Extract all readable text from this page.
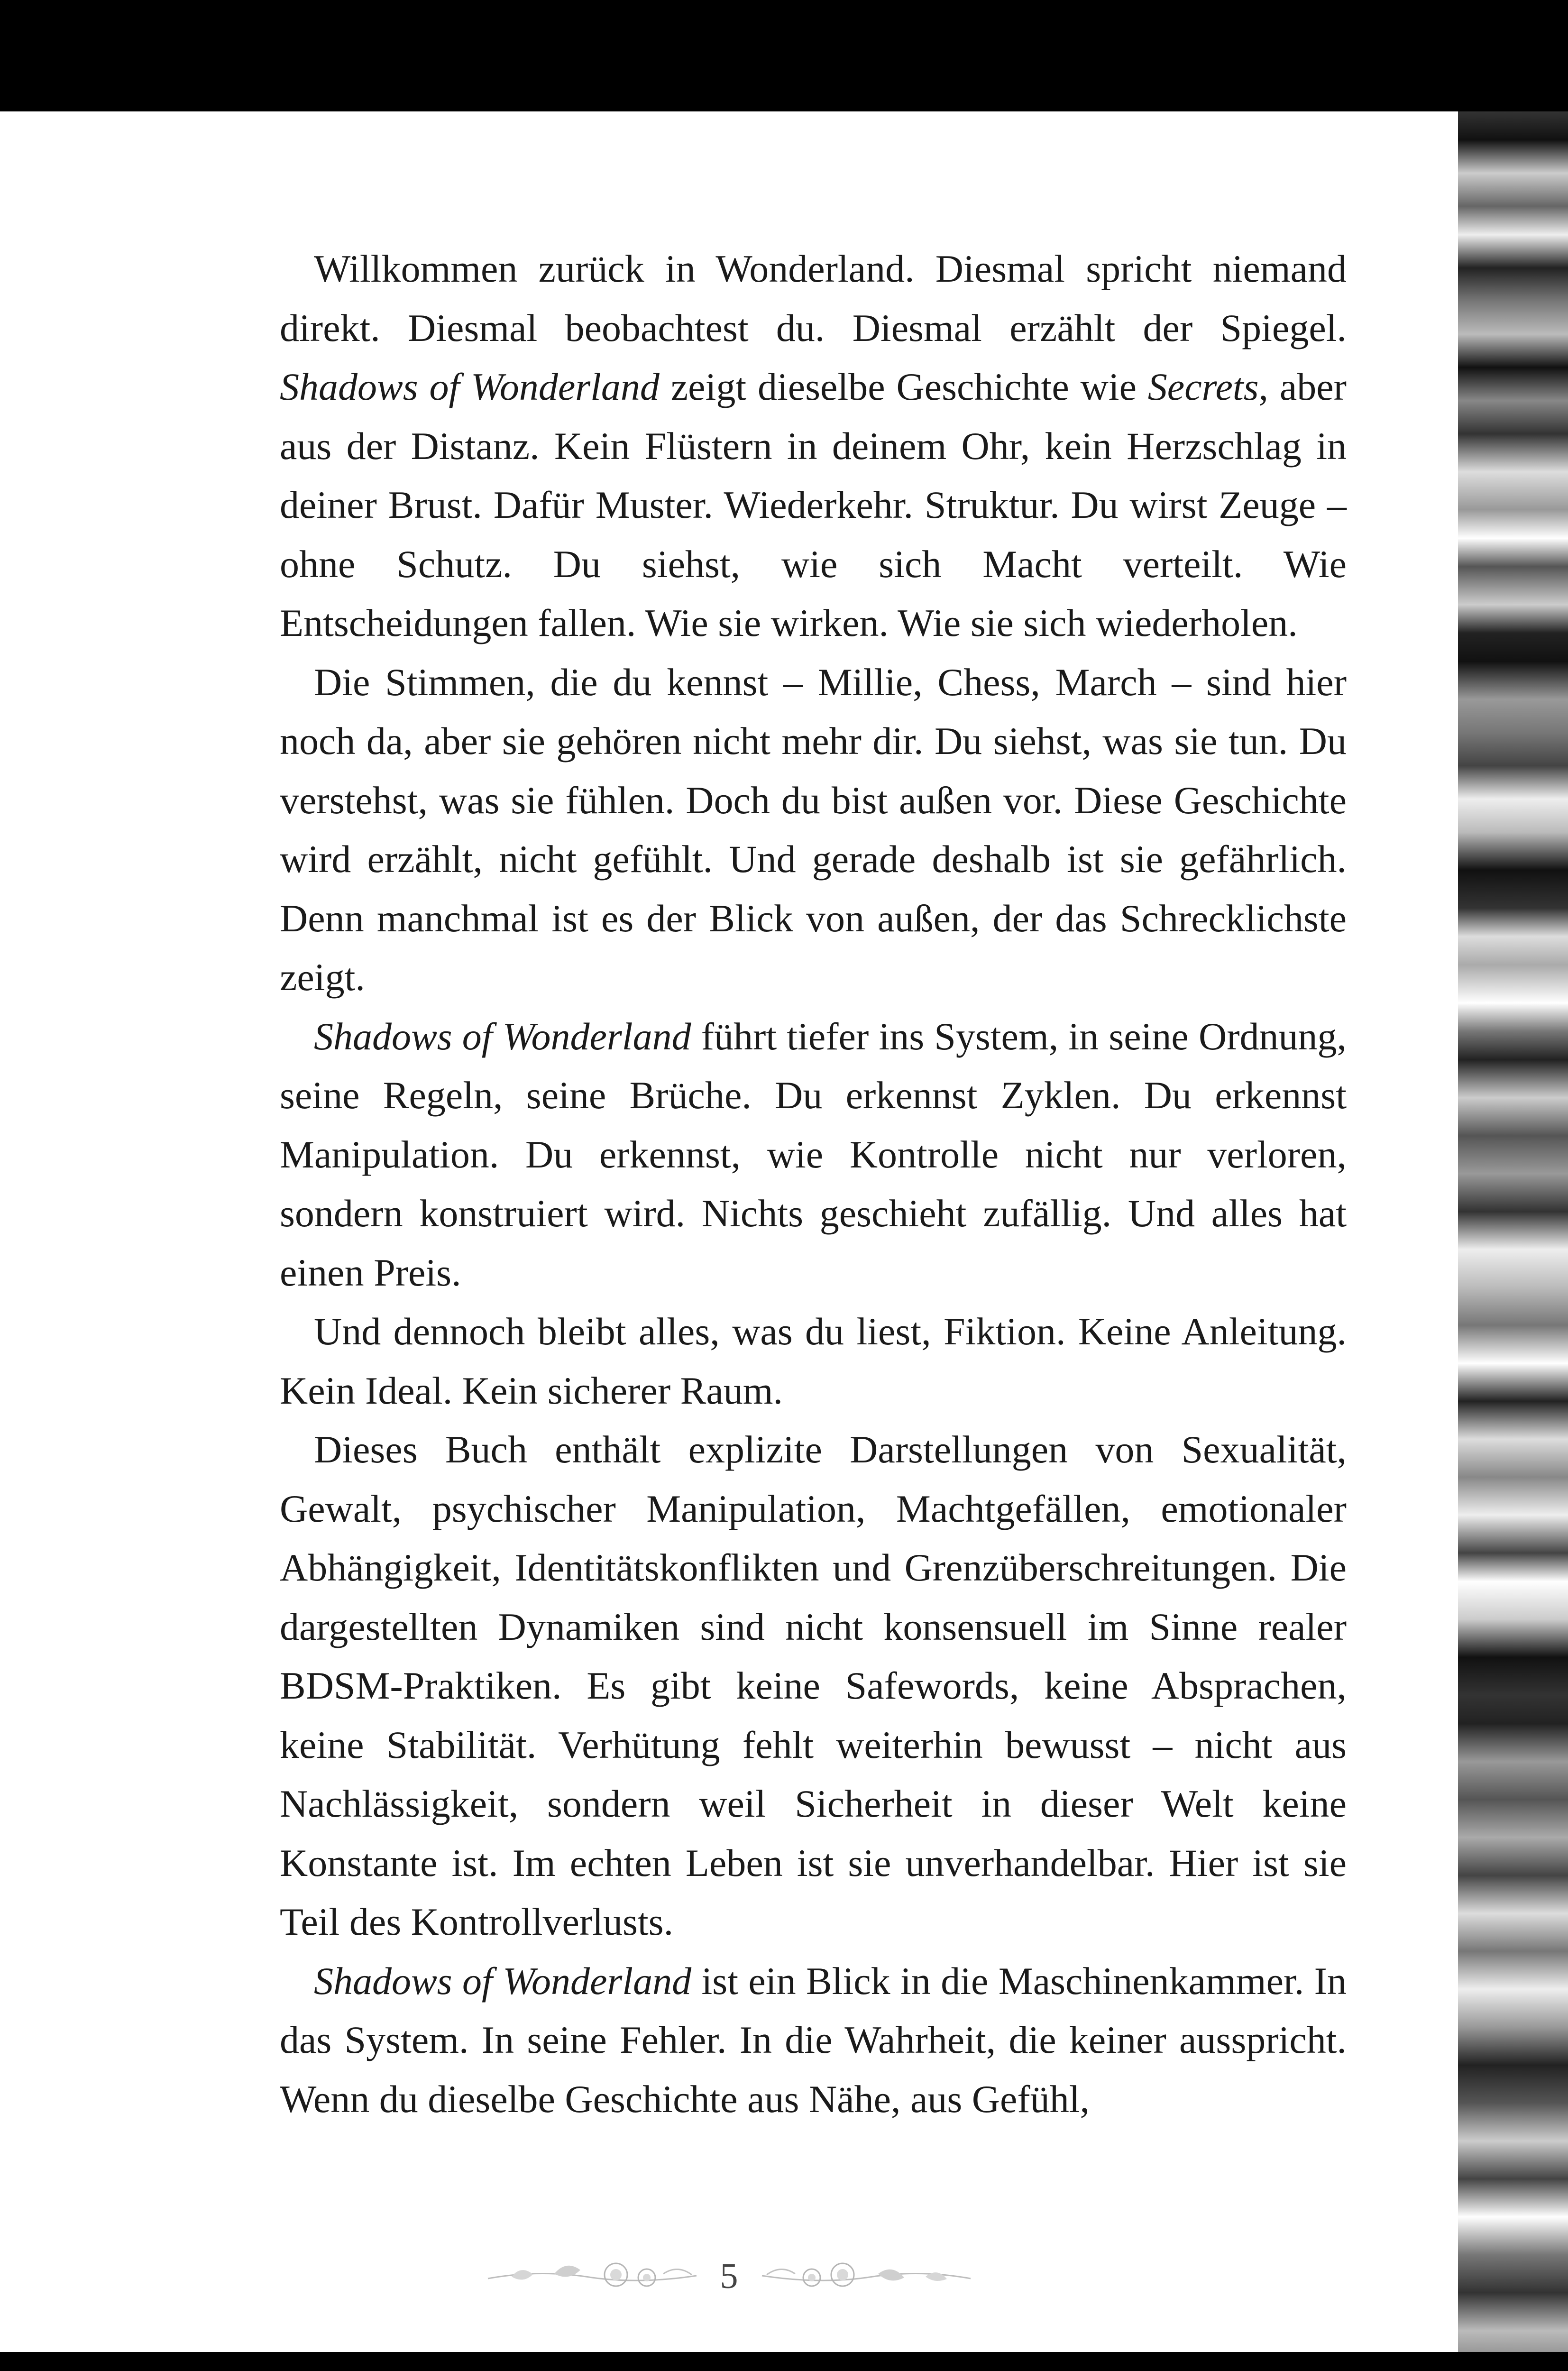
Willkommen zurück in Wonderland. Diesmal spricht niemand direkt. Diesmal beobachtest du. Diesmal erzählt der Spiegel. Shadows of Wonderland zeigt dieselbe Geschichte wie Secrets, aber aus der Distanz. Kein Flüstern in deinem Ohr, kein Herzschlag in deiner Brust. Dafür Muster. Wiederkehr. Struktur. Du wirst Zeuge – ohne Schutz. Du siehst, wie sich Macht verteilt. Wie Entscheidungen fallen. Wie sie wirken. Wie sie sich wiederholen.

Die Stimmen, die du kennst – Millie, Chess, March – sind hier noch da, aber sie gehören nicht mehr dir. Du siehst, was sie tun. Du verstehst, was sie fühlen. Doch du bist außen vor. Diese Geschichte wird erzählt, nicht gefühlt. Und gerade deshalb ist sie gefährlich. Denn manchmal ist es der Blick von außen, der das Schrecklichste zeigt.

Shadows of Wonderland führt tiefer ins System, in seine Ordnung, seine Regeln, seine Brüche. Du erkennst Zyklen. Du erkennst Manipulation. Du erkennst, wie Kontrolle nicht nur verloren, sondern konstruiert wird. Nichts geschieht zufällig. Und alles hat einen Preis.

Und dennoch bleibt alles, was du liest, Fiktion. Keine Anleitung. Kein Ideal. Kein sicherer Raum.

Dieses Buch enthält explizite Darstellungen von Sexualität, Gewalt, psychischer Manipulation, Machtgefällen, emotionaler Abhängigkeit, Identitätskonflikten und Grenzüberschreitungen. Die dargestellten Dynamiken sind nicht konsensuell im Sinne realer BDSM-Praktiken. Es gibt keine Safewords, keine Absprachen, keine Stabilität. Verhütung fehlt weiterhin bewusst – nicht aus Nachlässigkeit, sondern weil Sicherheit in dieser Welt keine Konstante ist. Im echten Leben ist sie unverhandelbar. Hier ist sie Teil des Kontrollverlusts.

Shadows of Wonderland ist ein Blick in die Maschinenkammer. In das System. In seine Fehler. In die Wahrheit, die keiner ausspricht. Wenn du dieselbe Geschichte aus Nähe, aus Gefühl,

5
